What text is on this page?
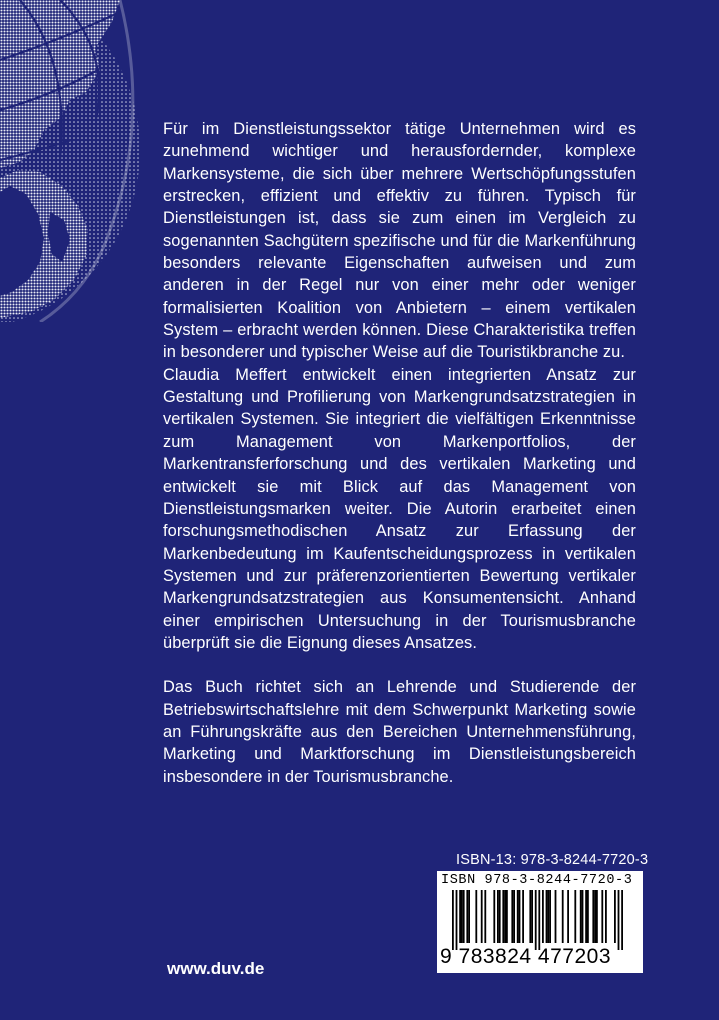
Für im Dienstleistungssektor tätige Unternehmen wird es zunehmend wichtiger und herausfordernder, komplexe Markensysteme, die sich über mehrere Wertschöpfungsstufen erstrecken, effizient und effektiv zu führen. Typisch für Dienstleistungen ist, dass sie zum einen im Vergleich zu sogenannten Sachgütern spezifische und für die Markenführung besonders relevante Eigenschaften aufweisen und zum anderen in der Regel nur von einer mehr oder weniger formalisierten Koalition von Anbietern – einem vertikalen System – erbracht werden können. Diese Charakteristika treffen in besonderer und typischer Weise auf die Touristikbranche zu.

Claudia Meffert entwickelt einen integrierten Ansatz zur Gestaltung und Profilierung von Markengrundsatzstrategien in vertikalen Systemen. Sie integriert die vielfältigen Erkenntnisse zum Management von Markenportfolios, der Markentransferforschung und des vertikalen Marketing und entwickelt sie mit Blick auf das Management von Dienstleistungsmarken weiter. Die Autorin erarbeitet einen forschungsmethodischen Ansatz zur Erfassung der Markenbedeutung im Kaufentscheidungsprozess in vertikalen Systemen und zur präferenzorientierten Bewertung vertikaler Markengrundsatzstrategien aus Konsumentensicht. Anhand einer empirischen Untersuchung in der Tourismusbranche überprüft sie die Eignung dieses Ansatzes.

Das Buch richtet sich an Lehrende und Studierende der Betriebswirtschaftslehre mit dem Schwerpunkt Marketing sowie an Führungskräfte aus den Bereichen Unternehmensführung, Marketing und Marktforschung im Dienstleistungsbereich insbesondere in der Tourismusbranche.

ISBN-13: 978-3-8244-7720-3
ISBN 978-3-8244-7720-3
9 783824 477203
www.duv.de
